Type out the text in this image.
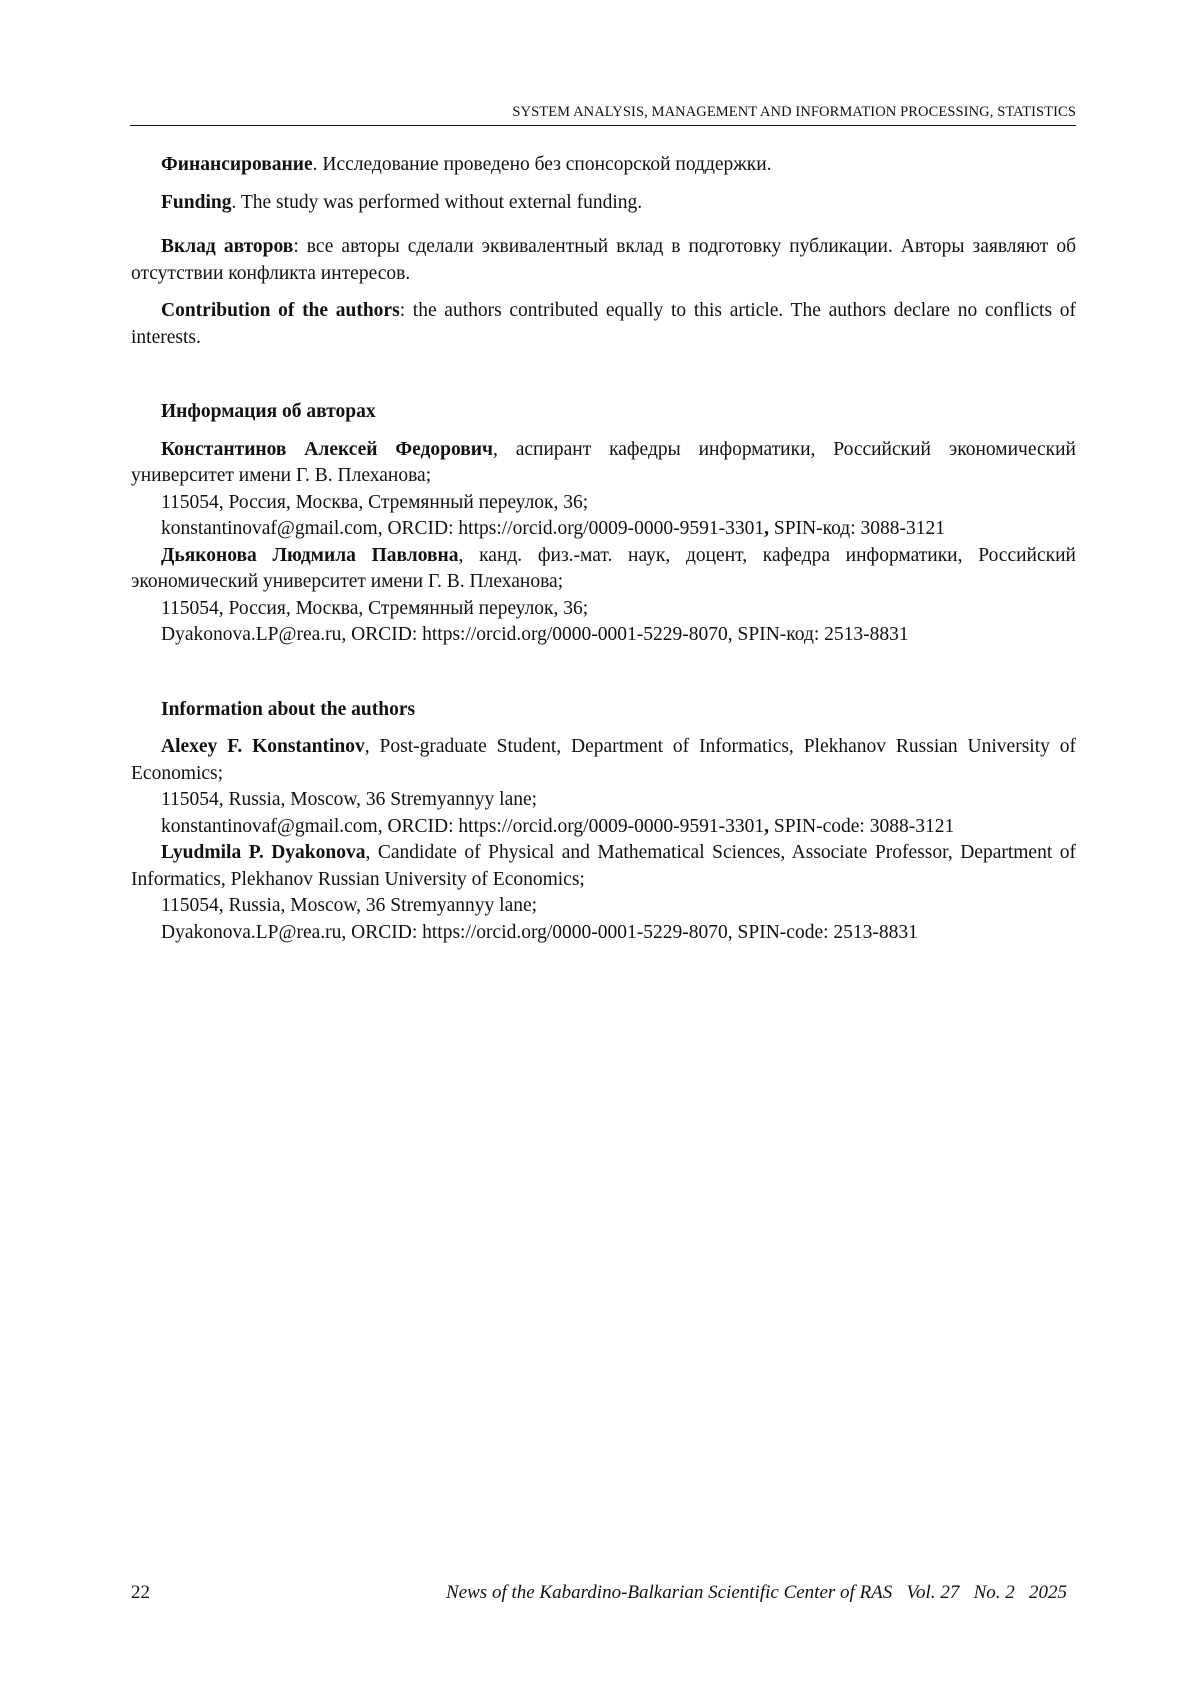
SYSTEM ANALYSIS, MANAGEMENT AND INFORMATION PROCESSING, STATISTICS

Финансирование. Исследование проведено без спонсорской поддержки.

Funding. The study was performed without external funding.

Вклад авторов: все авторы сделали эквивалентный вклад в подготовку публикации. Авторы заявляют об отсутствии конфликта интересов.

Contribution of the authors: the authors contributed equally to this article. The authors declare no conflicts of interests.

Информация об авторах

Константинов Алексей Федорович, аспирант кафедры информатики, Российский экономический университет имени Г. В. Плеханова;

115054, Россия, Москва, Стремянный переулок, 36;

konstantinovaf@gmail.com, ORCID: https://orcid.org/0009-0000-9591-3301, SPIN-код: 3088-3121

Дьяконова Людмила Павловна, канд. физ.-мат. наук, доцент, кафедра информатики, Российский экономический университет имени Г. В. Плеханова;

115054, Россия, Москва, Стремянный переулок, 36;

Dyakonova.LP@rea.ru, ORCID: https://orcid.org/0000-0001-5229-8070, SPIN-код: 2513-8831

Information about the authors

Alexey F. Konstantinov, Post-graduate Student, Department of Informatics, Plekhanov Russian University of Economics;

115054, Russia, Moscow, 36 Stremyannyy lane;

konstantinovaf@gmail.com, ORCID: https://orcid.org/0009-0000-9591-3301, SPIN-code: 3088-3121

Lyudmila P. Dyakonova, Candidate of Physical and Mathematical Sciences, Associate Professor, Department of Informatics, Plekhanov Russian University of Economics;

115054, Russia, Moscow, 36 Stremyannyy lane;

Dyakonova.LP@rea.ru, ORCID: https://orcid.org/0000-0001-5229-8070, SPIN-code: 2513-8831

22	News of the Kabardino-Balkarian Scientific Center of RAS   Vol. 27   No. 2   2025
